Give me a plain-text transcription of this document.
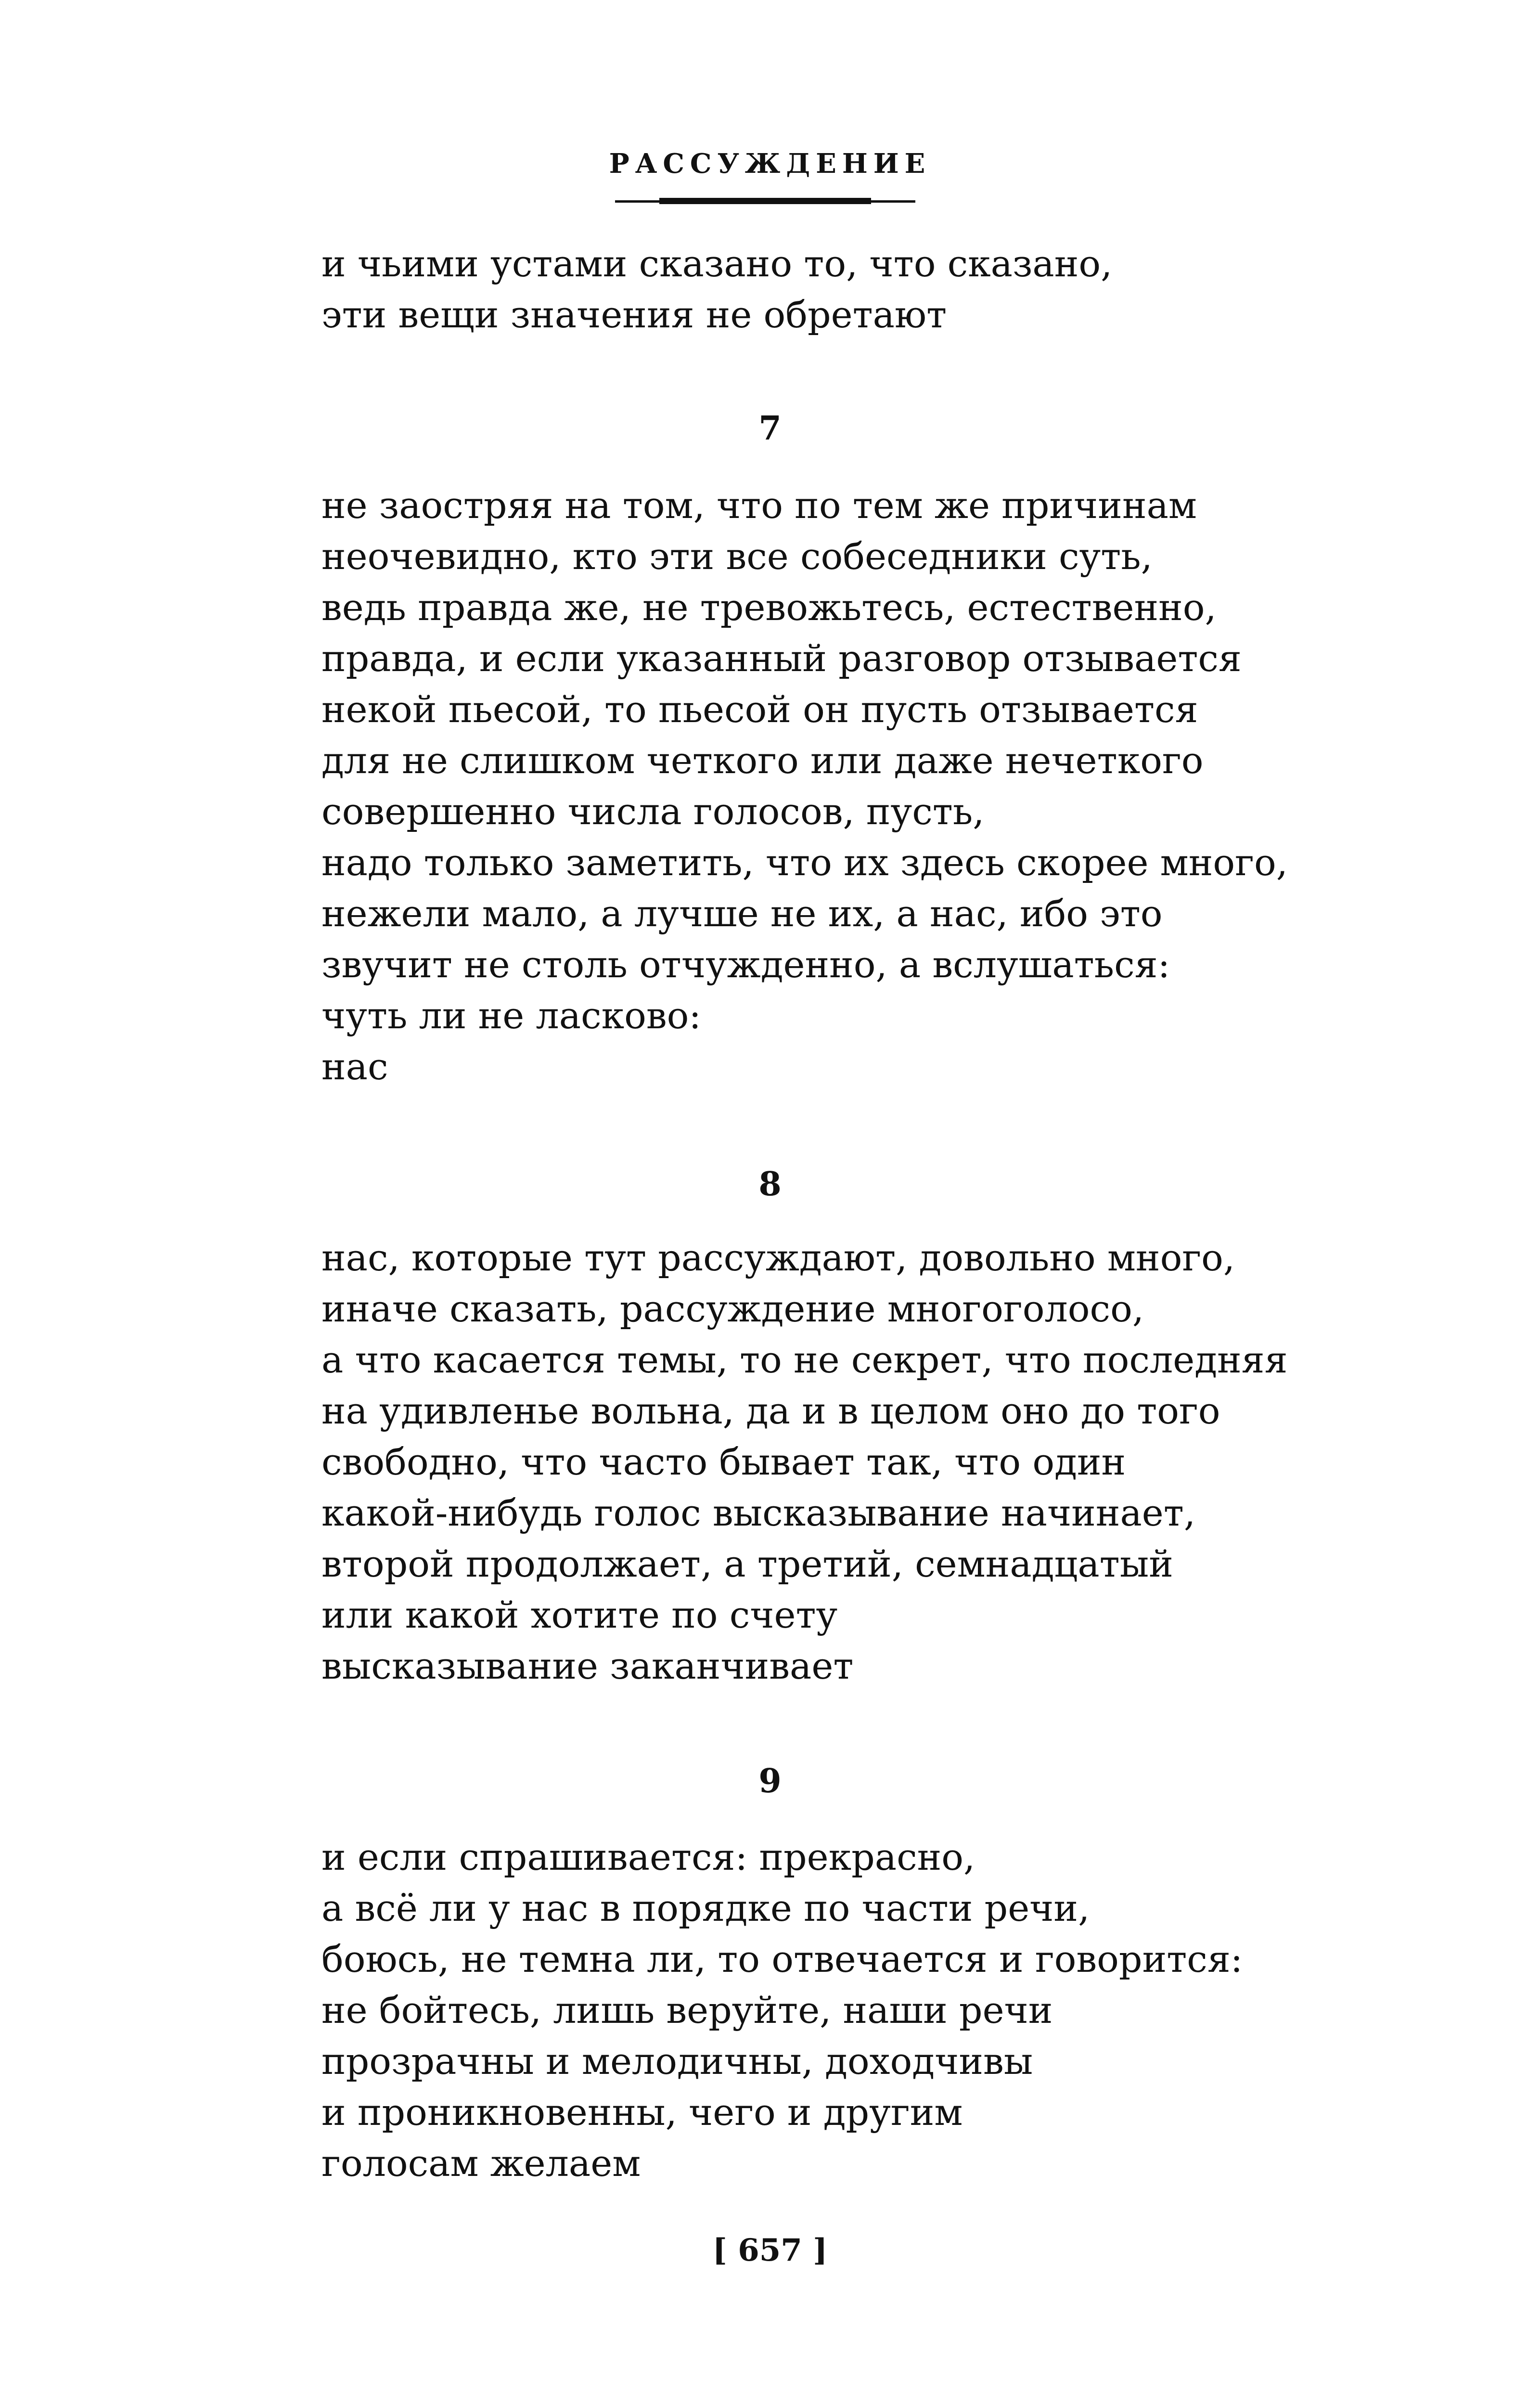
РАССУЖДЕНИЕ
и чьими устами сказано то, что сказано,
эти вещи значения не обретают
7
не заостряя на том, что по тем же причинам
неочевидно, кто эти все собеседники суть,
ведь правда же, не тревожьтесь, естественно,
правда, и если указанный разговор отзывается
некой пьесой, то пьесой он пусть отзывается
для не слишком четкого или даже нечеткого
совершенно числа голосов, пусть,
надо только заметить, что их здесь скорее много,
нежели мало, а лучше не их, а нас, ибо это
звучит не столь отчужденно, а вслушаться:
чуть ли не ласково:
нас
8
нас, которые тут рассуждают, довольно много,
иначе сказать, рассуждение многоголосо,
а что касается темы, то не секрет, что последняя
на удивленье вольна, да и в целом оно до того
свободно, что часто бывает так, что один
какой-нибудь голос высказывание начинает,
второй продолжает, а третий, семнадцатый
или какой хотите по счету
высказывание заканчивает
9
и если спрашивается: прекрасно,
а всё ли у нас в порядке по части речи,
боюсь, не темна ли, то отвечается и говорится:
не бойтесь, лишь веруйте, наши речи
прозрачны и мелодичны, доходчивы
и проникновенны, чего и другим
голосам желаем
[ 657 ]
